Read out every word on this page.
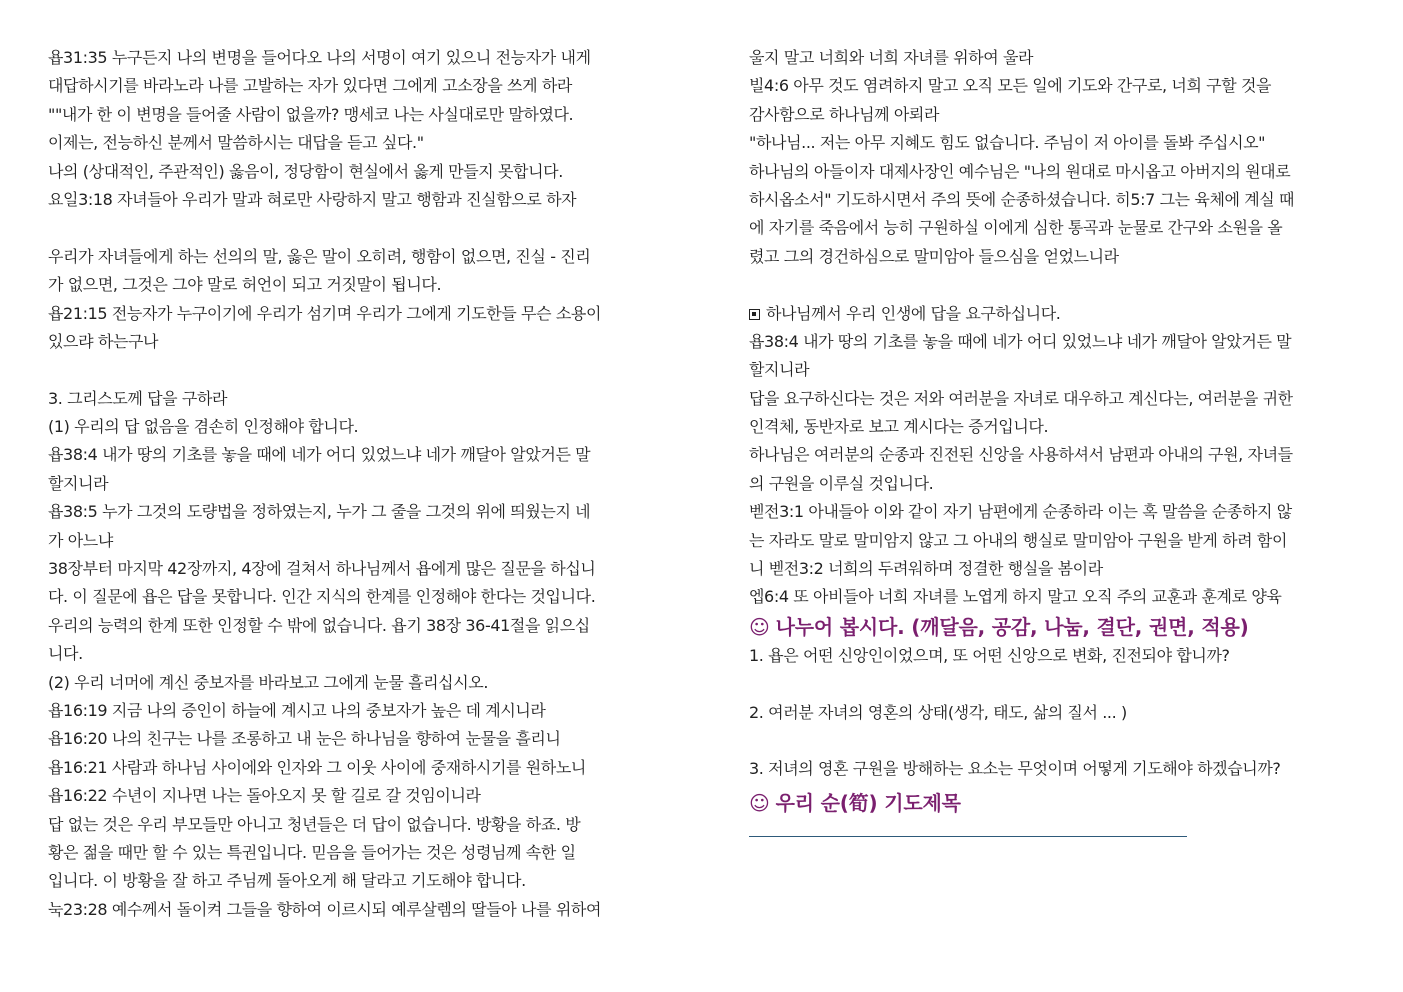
욥31:35 누구든지 나의 변명을 들어다오 나의 서명이 여기 있으니 전능자가 내게
대답하시기를 바라노라 나를 고발하는 자가 있다면 그에게 고소장을 쓰게 하라
""내가 한 이 변명을 들어줄 사람이 없을까? 맹세코 나는 사실대로만 말하였다.
이제는, 전능하신 분께서 말씀하시는 대답을 듣고 싶다."
나의 (상대적인, 주관적인) 옳음이, 정당함이 현실에서 옳게 만들지 못합니다.
요일3:18 자녀들아 우리가 말과 혀로만 사랑하지 말고 행함과 진실함으로 하자
우리가 자녀들에게 하는 선의의 말, 옳은 말이 오히려, 행함이 없으면, 진실 - 진리
가 없으면, 그것은 그야 말로 허언이 되고 거짓말이 됩니다.
욥21:15 전능자가 누구이기에 우리가 섬기며 우리가 그에게 기도한들 무슨 소용이
있으랴 하는구나
3. 그리스도께 답을 구하라
(1) 우리의 답 없음을 겸손히 인정해야 합니다.
욥38:4 내가 땅의 기초를 놓을 때에 네가 어디 있었느냐 네가 깨달아 알았거든 말
할지니라
욥38:5 누가 그것의 도량법을 정하였는지, 누가 그 줄을 그것의 위에 띄웠는지 네
가 아느냐
38장부터 마지막 42장까지, 4장에 걸쳐서 하나님께서 욥에게 많은 질문을 하십니
다. 이 질문에 욥은 답을 못합니다. 인간 지식의 한계를 인정해야 한다는 것입니다.
우리의 능력의 한계 또한 인정할 수 밖에 없습니다. 욥기 38장 36-41절을 읽으십
니다.
(2) 우리 너머에 계신 중보자를 바라보고 그에게 눈물 흘리십시오.
욥16:19 지금 나의 증인이 하늘에 계시고 나의 중보자가 높은 데 계시니라
욥16:20 나의 친구는 나를 조롱하고 내 눈은 하나님을 향하여 눈물을 흘리니
욥16:21 사람과 하나님 사이에와 인자와 그 이웃 사이에 중재하시기를 원하노니
욥16:22 수년이 지나면 나는 돌아오지 못 할 길로 갈 것임이니라
답 없는 것은 우리 부모들만 아니고 청년들은 더 답이 없습니다. 방황을 하죠. 방
황은 젊을 때만 할 수 있는 특권입니다. 믿음을 들어가는 것은 성령님께 속한 일
입니다. 이 방황을 잘 하고 주님께 돌아오게 해 달라고 기도해야 합니다.
눅23:28 예수께서 돌이켜 그들을 향하여 이르시되 예루살렘의 딸들아 나를 위하여
울지 말고 너희와 너희 자녀를 위하여 울라
빌4:6 아무 것도 염려하지 말고 오직 모든 일에 기도와 간구로, 너희 구할 것을
감사함으로 하나님께 아뢰라
"하나님... 저는 아무 지혜도 힘도 없습니다. 주님이 저 아이를 돌봐 주십시오"
하나님의 아들이자 대제사장인 예수님은 "나의 원대로 마시옵고 아버지의 원대로
하시옵소서" 기도하시면서 주의 뜻에 순종하셨습니다. 히5:7 그는 육체에 계실 때
에 자기를 죽음에서 능히 구원하실 이에게 심한 통곡과 눈물로 간구와 소원을 올
렸고 그의 경건하심으로 말미암아 들으심을 얻었느니라
하나님께서 우리 인생에 답을 요구하십니다.
욥38:4 내가 땅의 기초를 놓을 때에 네가 어디 있었느냐 네가 깨달아 알았거든 말
할지니라
답을 요구하신다는 것은 저와 여러분을 자녀로 대우하고 계신다는, 여러분을 귀한
인격체, 동반자로 보고 계시다는 증거입니다.
하나님은 여러분의 순종과 진전된 신앙을 사용하셔서 남편과 아내의 구원, 자녀들
의 구원을 이루실 것입니다.
벧전3:1 아내들아 이와 같이 자기 남편에게 순종하라 이는 혹 말씀을 순종하지 않
는 자라도 말로 말미암지 않고 그 아내의 행실로 말미암아 구원을 받게 하려 함이
니 벧전3:2 너희의 두려워하며 정결한 행실을 봄이라
엡6:4 또 아비들아 너희 자녀를 노엽게 하지 말고 오직 주의 교훈과 훈계로 양육
☺ 나누어 봅시다. (깨달음, 공감, 나눔, 결단, 권면, 적용)
1. 욥은 어떤 신앙인이었으며, 또 어떤 신앙으로 변화, 진전되야 합니까?
2. 여러분 자녀의 영혼의 상태(생각, 태도, 삶의 질서 ... )
3. 저녀의 영혼 구원을 방해하는 요소는 무엇이며 어떻게 기도해야 하겠습니까?
☺ 우리 순(筍) 기도제목
